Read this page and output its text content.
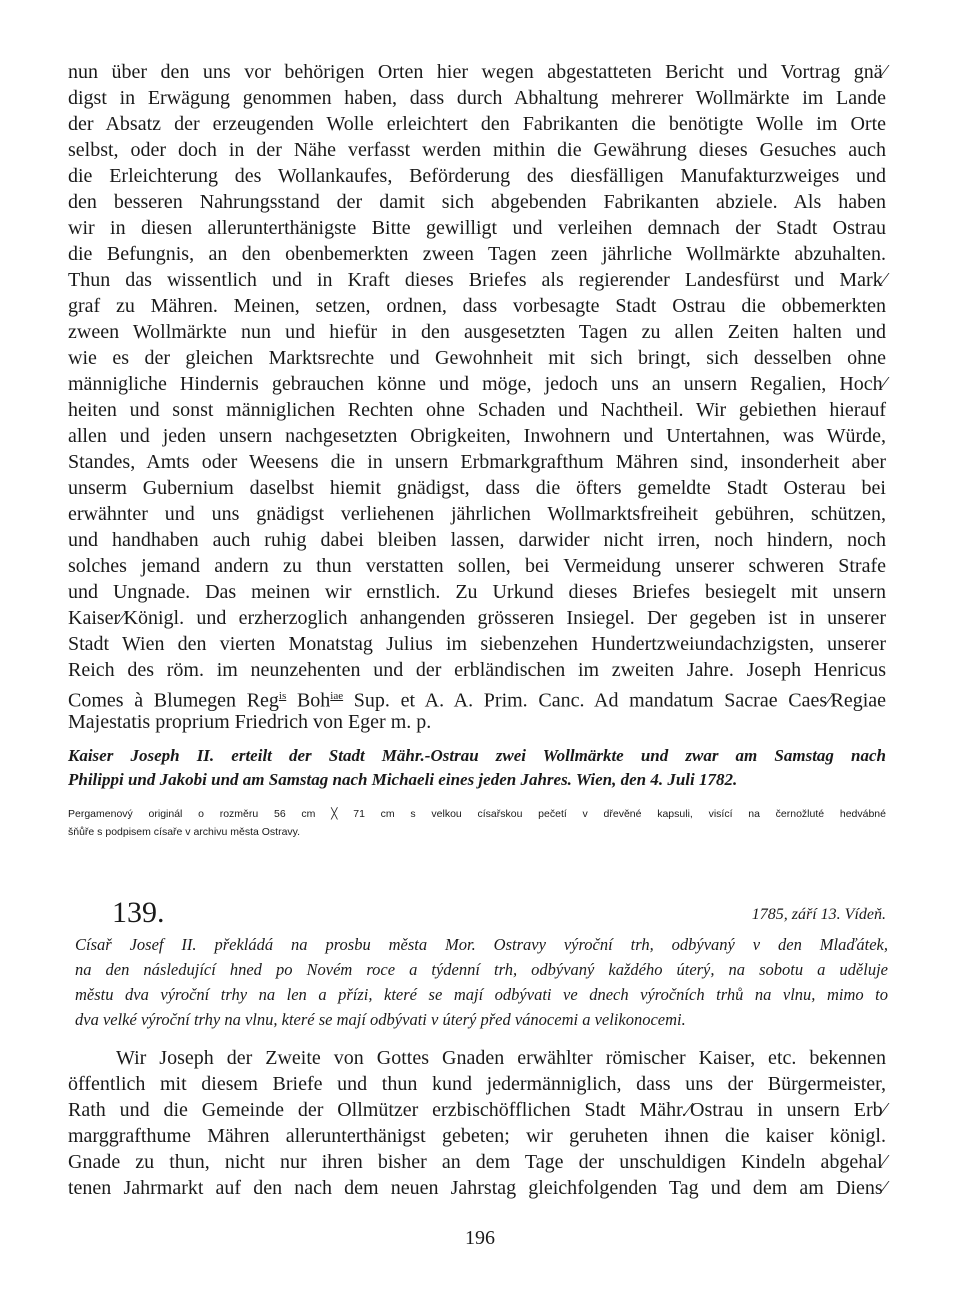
nun über den uns vor behörigen Orten hier wegen abgestatteten Bericht und Vortrag gnä⁄
digst in Erwägung genommen haben, dass durch Abhaltung mehrerer Wollmärkte im Lande
der Absatz der erzeugenden Wolle erleichtert den Fabrikanten die benötigte Wolle im Orte
selbst, oder doch in der Nähe verfasst werden mithin die Gewährung dieses Gesuches auch
die Erleichterung des Wollankaufes, Beförderung des diesfälligen Manufakturzweiges und
den besseren Nahrungsstand der damit sich abgebenden Fabrikanten abziele. Als haben
wir in diesen allerunterthänigste Bitte gewilligt und verleihen demnach der Stadt Ostrau
die Befungnis, an den obenbemerkten zween Tagen zeen jährliche Wollmärkte abzuhalten.
Thun das wissentlich und in Kraft dieses Briefes als regierender Landesfürst und Mark⁄
graf zu Mähren. Meinen, setzen, ordnen, dass vorbesagte Stadt Ostrau die obbemerkten
zween Wollmärkte nun und hiefür in den ausgesetzten Tagen zu allen Zeiten halten und
wie es der gleichen Marktsrechte und Gewohnheit mit sich bringt, sich desselben ohne
männigliche Hindernis gebrauchen könne und möge, jedoch uns an unsern Regalien, Hoch⁄
heiten und sonst männiglichen Rechten ohne Schaden und Nachtheil. Wir gebiethen hierauf
allen und jeden unsern nachgesetzten Obrigkeiten, Inwohnern und Untertahnen, was Würde,
Standes, Amts oder Weesens die in unsern Erbmarkgrafthum Mähren sind, insonderheit aber
unserm Gubernium daselbst hiemit gnädigst, dass die öfters gemeldte Stadt Osterau bei
erwähnter und uns gnädigst verliehenen jährlichen Wollmarktsfreiheit gebühren, schützen,
und handhaben auch ruhig dabei bleiben lassen, darwider nicht irren, noch hindern, noch
solches jemand andern zu thun verstatten sollen, bei Vermeidung unserer schweren Strafe
und Ungnade. Das meinen wir ernstlich. Zu Urkund dieses Briefes besiegelt mit unsern
Kaiser⁄Königl. und erzherzoglich anhangenden grösseren Insiegel. Der gegeben ist in unserer
Stadt Wien den vierten Monatstag Julius im siebenzehen Hundertzweiundachzigsten, unserer
Reich des röm. im neunzehenten und der erbländischen im zweiten Jahre. Joseph Henricus
Comes à Blumegen Reg$^{is}$ Boh$^{iae}$ Sup. et A. A. Prim. Canc. Ad mandatum Sacrae Caes⁄Regiae
Majestatis proprium Friedrich von Eger m. p.
Kaiser Joseph II. erteilt der Stadt Mähr.-Ostrau zwei Wollmärkte und zwar am Samstag nach
Philippi und Jakobi und am Samstag nach Michaeli eines jeden Jahres. Wien, den 4. Juli 1782.
Pergamenový originál o rozměru 56 cm ╳ 71 cm s velkou císařskou pečetí v dřevěné kapsuli, visící na černožluté hedvábné
šňůře s podpisem císaře v archivu města Ostravy.
139.	1785, září 13. Vídeň.
Císař Josef II. překládá na prosbu města Mor. Ostravy výroční trh, odbývaný v den Mlaďátek,
na den následující hned po Novém roce a týdenní trh, odbývaný každého úterý, na sobotu a uděluje
městu dva výroční trhy na len a přízi, které se mají odbývati ve dnech výročních trhů na vlnu, mimo to
dva velké výroční trhy na vlnu, které se mají odbývati v úterý před vánocemi a velikonocemi.
Wir Joseph der Zweite von Gottes Gnaden erwählter römischer Kaiser, etc. bekennen
öffentlich mit diesem Briefe und thun kund jedermänniglich, dass uns der Bürgermeister,
Rath und die Gemeinde der Ollmützer erzbischöfflichen Stadt Mähr.⁄Ostrau in unsern Erb⁄
marggrafthume Mähren allerunterthänigst gebeten; wir geruheten ihnen die kaiser königl.
Gnade zu thun, nicht nur ihren bisher an dem Tage der unschuldigen Kindeln abgehal⁄
tenen Jahrmarkt auf den nach dem neuen Jahrstag gleichfolgenden Tag und dem am Diens⁄
196
